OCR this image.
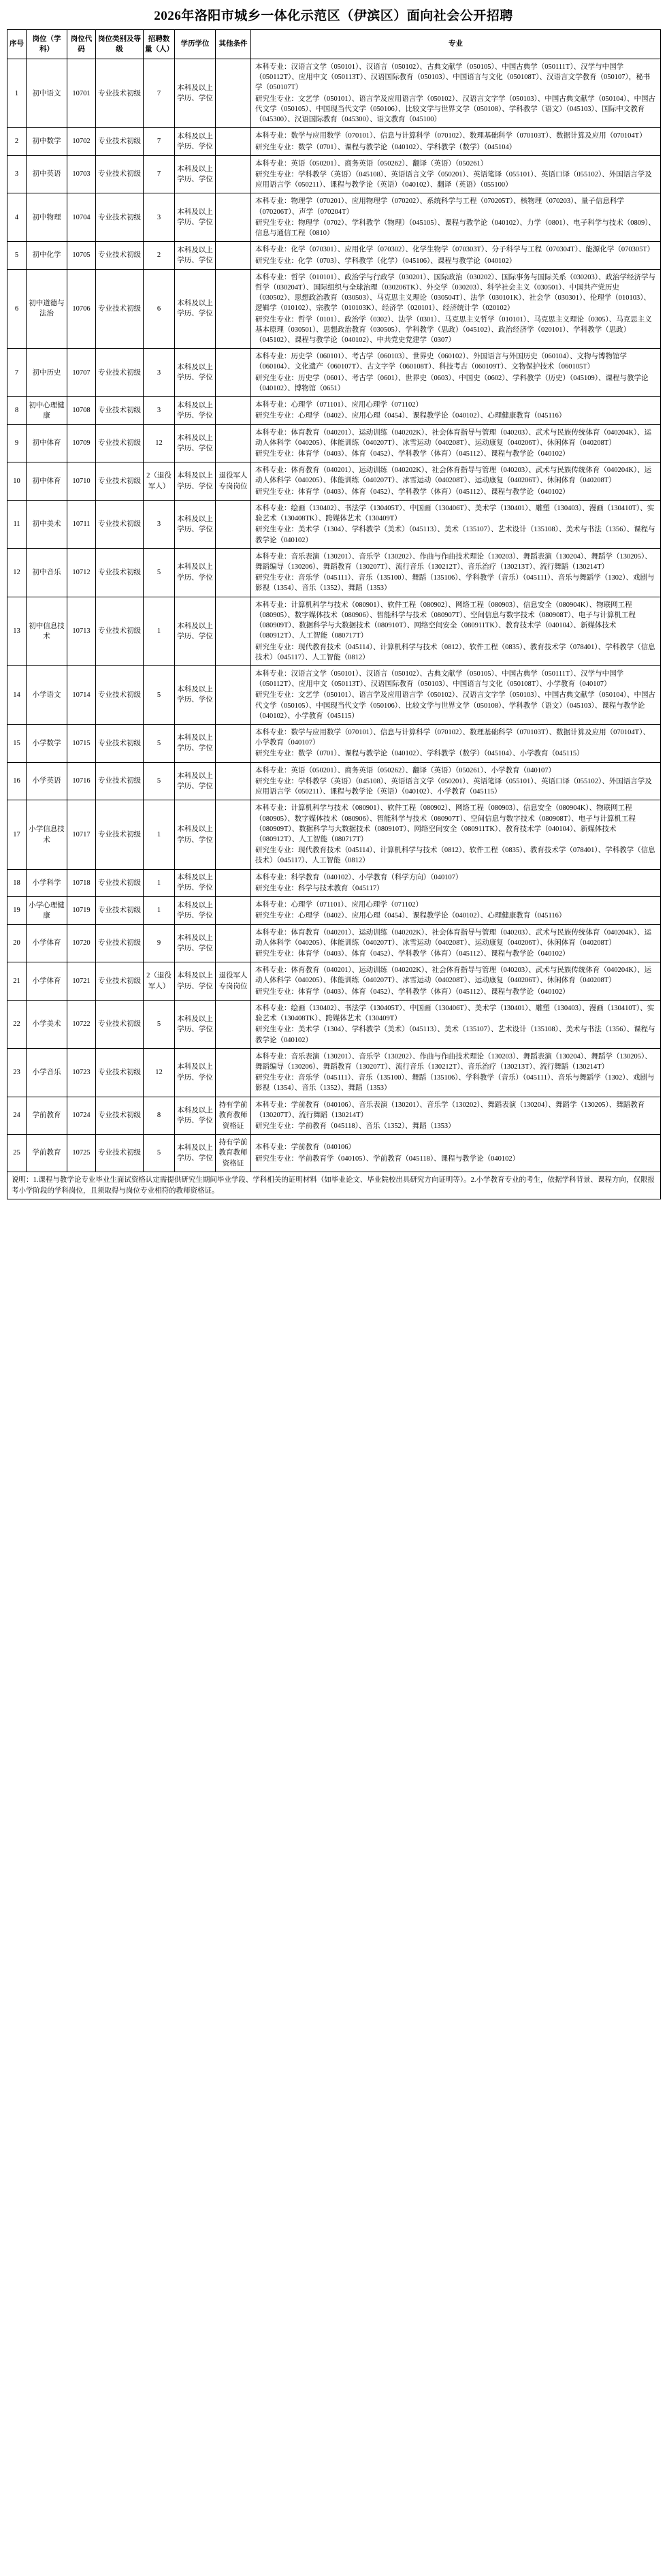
2026年洛阳市城乡一体化示范区（伊滨区）面向社会公开招聘
序号	岗位（学科）	岗位代码	岗位类别及等级	招聘数量（人）	学历学位	其他条件	专业
1	初中语文	10701	专业技术初级	7	本科及以上学历、学位		本科专业：汉语言文学（050101）、汉语言（050102）、古典文献学（050105）、中国古典学（050111T）、汉学与中国学（050112T）、应用中文（050113T）、汉语国际教育（050103）、中国语言与文化（050108T）、汉语言文学教育（050107），秘书学（050107T）
研究生专业：文艺学（050101）、语言学及应用语言学（050102）、汉语言文字学（050103）、中国古典文献学（050104）、中国古代文学（050105）、中国现当代文学（050106）、比较文学与世界文学（050108）、学科教学（语文）（045103）、国际中文教育（045300）、汉语国际教育（045300）、语文教育（045100）

2	初中数学	10702	专业技术初级	7	本科及以上学历、学位		本科专业：数学与应用数学（070101）、信息与计算科学（070102）、数理基础科学（070103T）、数据计算及应用（070104T）
研究生专业：数学（0701）、课程与教学论（040102）、学科教学（数学）（045104）

3	初中英语	10703	专业技术初级	7	本科及以上学历、学位		本科专业：英语（050201）、商务英语（050262）、翻译（英语）（050261）
研究生专业：学科教学（英语）（045108）、英语语言文学（050201）、英语笔译（055101）、英语口译（055102）、外国语言学及应用语言学（050211）、课程与教学论（英语）（040102）、翻译（英语）（055100）

4	初中物理	10704	专业技术初级	3	本科及以上学历、学位		本科专业：物理学（070201）、应用物理学（070202）、系统科学与工程（070205T）、核物理（070203）、量子信息科学（070206T）、声学（070204T）
研究生专业：物理学（0702）、学科教学（物理）（045105）、课程与教学论（040102）、力学（0801）、电子科学与技术（0809）、信息与通信工程（0810）

5	初中化学	10705	专业技术初级	2	本科及以上学历、学位		本科专业：化学（070301）、应用化学（070302）、化学生物学（070303T）、分子科学与工程（070304T）、能源化学（070305T）
研究生专业：化学（0703）、学科教学（化学）（045106）、课程与教学论（040102）

6	初中道德与法治	10706	专业技术初级	6	本科及以上学历、学位		本科专业：哲学（010101）、政治学与行政学（030201）、国际政治（030202）、国际事务与国际关系（030203）、政治学经济学与哲学（030204T）、国际组织与全球治理（030206TK）、外交学（030203）、科学社会主义（030501）、中国共产党历史（030502）、思想政治教育（030503）、马克思主义理论（030504T）、法学（030101K）、社会学（030301）、伦理学（010103）、逻辑学（010102）、宗教学（010103K）、经济学（020101）、经济统计学（020102）
研究生专业：哲学（0101）、政治学（0302）、法学（0301）、马克思主义哲学（010101）、马克思主义理论（0305）、马克思主义基本原理（030501）、思想政治教育（030505）、学科教学（思政）（045102）、政治经济学（020101）、学科教学（思政）（045102）、课程与教学论（040102）、中共党史党建学（0307）

7	初中历史	10707	专业技术初级	3	本科及以上学历、学位		本科专业：历史学（060101）、考古学（060103）、世界史（060102）、外国语言与外国历史（060104）、文物与博物馆学（060104）、文化遗产（060107T）、古文字学（060108T）、科技考古（060109T）、文物保护技术（060105T）
研究生专业：历史学（0601）、考古学（0601）、世界史（0603）、中国史（0602）、学科教学（历史）（045109）、课程与教学论（040102）、博物馆（0651）

8	初中心理健康	10708	专业技术初级	3	本科及以上学历、学位		本科专业：心理学（071101）、应用心理学（071102）
研究生专业：心理学（0402）、应用心理（0454）、课程教学论（040102）、心理健康教育（045116）

9	初中体育	10709	专业技术初级	12	本科及以上学历、学位		本科专业：体育教育（040201）、运动训练（040202K）、社会体育指导与管理（040203）、武术与民族传统体育（040204K）、运动人体科学（040205）、体能训练（040207T）、冰雪运动（040208T）、运动康复（040206T）、休闲体育（040208T）
研究生专业：体育学（0403）、体育（0452）、学科教学（体育）（045112）、课程与教学论（040102）

10	初中体育	10710	专业技术初级	2（退役军人）	本科及以上学历、学位	退役军人专岗岗位	本科专业：体育教育（040201）、运动训练（040202K）、社会体育指导与管理（040203）、武术与民族传统体育（040204K）、运动人体科学（040205）、体能训练（040207T）、冰雪运动（040208T）、运动康复（040206T）、休闲体育（040208T）
研究生专业：体育学（0403）、体育（0452）、学科教学（体育）（045112）、课程与教学论（040102）

11	初中美术	10711	专业技术初级	3	本科及以上学历、学位		本科专业：绘画（130402）、书法学（130405T）、中国画（130406T）、美术学（130401）、雕塑（130403）、漫画（130410T）、实验艺术（130408TK）、跨媒体艺术（130409T）
研究生专业：美术学（1304）、学科教学（美术）（045113）、美术（135107）、艺术设计（135108）、美术与书法（1356）、课程与教学论（040102）

12	初中音乐	10712	专业技术初级	5	本科及以上学历、学位		本科专业：音乐表演（130201）、音乐学（130202）、作曲与作曲技术理论（130203）、舞蹈表演（130204）、舞蹈学（130205）、舞蹈编导（130206）、舞蹈教育（130207T）、流行音乐（130212T）、音乐治疗（130213T）、流行舞蹈（130214T）
研究生专业：音乐学（045111）、音乐（135100）、舞蹈（135106）、学科教学（音乐）（045111）、音乐与舞蹈学（1302）、戏剧与影视（1354）、音乐（1352）、舞蹈（1353）

13	初中信息技术	10713	专业技术初级	1	本科及以上学历、学位		本科专业：计算机科学与技术（080901）、软件工程（080902）、网络工程（080903）、信息安全（080904K）、物联网工程（080905）、数字媒体技术（080906）、智能科学与技术（080907T）、空间信息与数字技术（080908T）、电子与计算机工程（080909T）、数据科学与大数据技术（080910T）、网络空间安全（080911TK）、教育技术学（040104）、新媒体技术（080912T）、人工智能（080717T）
研究生专业：现代教育技术（045114）、计算机科学与技术（0812）、软件工程（0835）、教育技术学（078401）、学科教学（信息技术）（045117）、人工智能（0812）

14	小学语文	10714	专业技术初级	5	本科及以上学历、学位		本科专业：汉语言文学（050101）、汉语言（050102）、古典文献学（050105）、中国古典学（050111T）、汉学与中国学（050112T）、应用中文（050113T）、汉语国际教育（050103）、中国语言与文化（050108T）、小学教育（040107）
研究生专业：文艺学（050101）、语言学及应用语言学（050102）、汉语言文字学（050103）、中国古典文献学（050104）、中国古代文学（050105）、中国现当代文学（050106）、比较文学与世界文学（050108）、学科教学（语文）（045103）、课程与教学论（040102）、小学教育（045115）

15	小学数学	10715	专业技术初级	5	本科及以上学历、学位		本科专业：数学与应用数学（070101）、信息与计算科学（070102）、数理基础科学（070103T）、数据计算及应用（070104T）、小学教育（040107）
研究生专业：数学（0701）、课程与教学论（040102）、学科教学（数学）（045104）、小学教育（045115）

16	小学英语	10716	专业技术初级	5	本科及以上学历、学位		本科专业：英语（050201）、商务英语（050262）、翻译（英语）（050261）、小学教育（040107）
研究生专业：学科教学（英语）（045108）、英语语言文学（050201）、英语笔译（055101）、英语口译（055102）、外国语言学及应用语言学（050211）、课程与教学论（英语）（040102）、小学教育（045115）

17	小学信息技术	10717	专业技术初级	1	本科及以上学历、学位		本科专业：计算机科学与技术（080901）、软件工程（080902）、网络工程（080903）、信息安全（080904K）、物联网工程（080905）、数字媒体技术（080906）、智能科学与技术（080907T）、空间信息与数字技术（080908T）、电子与计算机工程（080909T）、数据科学与大数据技术（080910T）、网络空间安全（080911TK）、教育技术学（040104）、新媒体技术（080912T）、人工智能（080717T）
研究生专业：现代教育技术（045114）、计算机科学与技术（0812）、软件工程（0835）、教育技术学（078401）、学科教学（信息技术）（045117）、人工智能（0812）

18	小学科学	10718	专业技术初级	1	本科及以上学历、学位		本科专业：科学教育（040102）、小学教育（科学方向）（040107）
研究生专业：科学与技术教育（045117）

19	小学心理健康	10719	专业技术初级	1	本科及以上学历、学位		本科专业：心理学（071101）、应用心理学（071102）
研究生专业：心理学（0402）、应用心理（0454）、课程教学论（040102）、心理健康教育（045116）

20	小学体育	10720	专业技术初级	9	本科及以上学历、学位		本科专业：体育教育（040201）、运动训练（040202K）、社会体育指导与管理（040203）、武术与民族传统体育（040204K）、运动人体科学（040205）、体能训练（040207T）、冰雪运动（040208T）、运动康复（040206T）、休闲体育（040208T）
研究生专业：体育学（0403）、体育（0452）、学科教学（体育）（045112）、课程与教学论（040102）

21	小学体育	10721	专业技术初级	2（退役军人）	本科及以上学历、学位	退役军人专岗岗位	本科专业：体育教育（040201）、运动训练（040202K）、社会体育指导与管理（040203）、武术与民族传统体育（040204K）、运动人体科学（040205）、体能训练（040207T）、冰雪运动（040208T）、运动康复（040206T）、休闲体育（040208T）
研究生专业：体育学（0403）、体育（0452）、学科教学（体育）（045112）、课程与教学论（040102）

22	小学美术	10722	专业技术初级	5	本科及以上学历、学位		本科专业：绘画（130402）、书法学（130405T）、中国画（130406T）、美术学（130401）、雕塑（130403）、漫画（130410T）、实验艺术（130408TK）、跨媒体艺术（130409T）
研究生专业：美术学（1304）、学科教学（美术）（045113）、美术（135107）、艺术设计（135108）、美术与书法（1356）、课程与教学论（040102）

23	小学音乐	10723	专业技术初级	12	本科及以上学历、学位		本科专业：音乐表演（130201）、音乐学（130202）、作曲与作曲技术理论（130203）、舞蹈表演（130204）、舞蹈学（130205）、舞蹈编导（130206）、舞蹈教育（130207T）、流行音乐（130212T）、音乐治疗（130213T）、流行舞蹈（130214T）
研究生专业：音乐学（045111）、音乐（135100）、舞蹈（135106）、学科教学（音乐）（045111）、音乐与舞蹈学（1302）、戏剧与影视（1354）、音乐（1352）、舞蹈（1353）

24	学前教育	10724	专业技术初级	8	本科及以上学历、学位	持有学前教育教师资格证	本科专业：学前教育（040106）、音乐表演（130201）、音乐学（130202）、舞蹈表演（130204）、舞蹈学（130205）、舞蹈教育（130207T）、流行舞蹈（130214T）
研究生专业：学前教育（045118）、音乐（1352）、舞蹈（1353）

25	学前教育	10725	专业技术初级	5	本科及以上学历、学位	持有学前教育教师资格证	本科专业：学前教育（040106）
研究生专业：学前教育学（040105）、学前教育（045118）、课程与教学论（040102）

说明：1.课程与教学论专业毕业生面试资格认定需提供研究生期间毕业学段、学科相关的证明材料（如毕业论文、毕业院校出具研究方向证明等）。2.小学教育专业的考生，依据学科背景、课程方向，仅限报考小学阶段的学科岗位，且须取得与岗位专业相符的教师资格证。							
